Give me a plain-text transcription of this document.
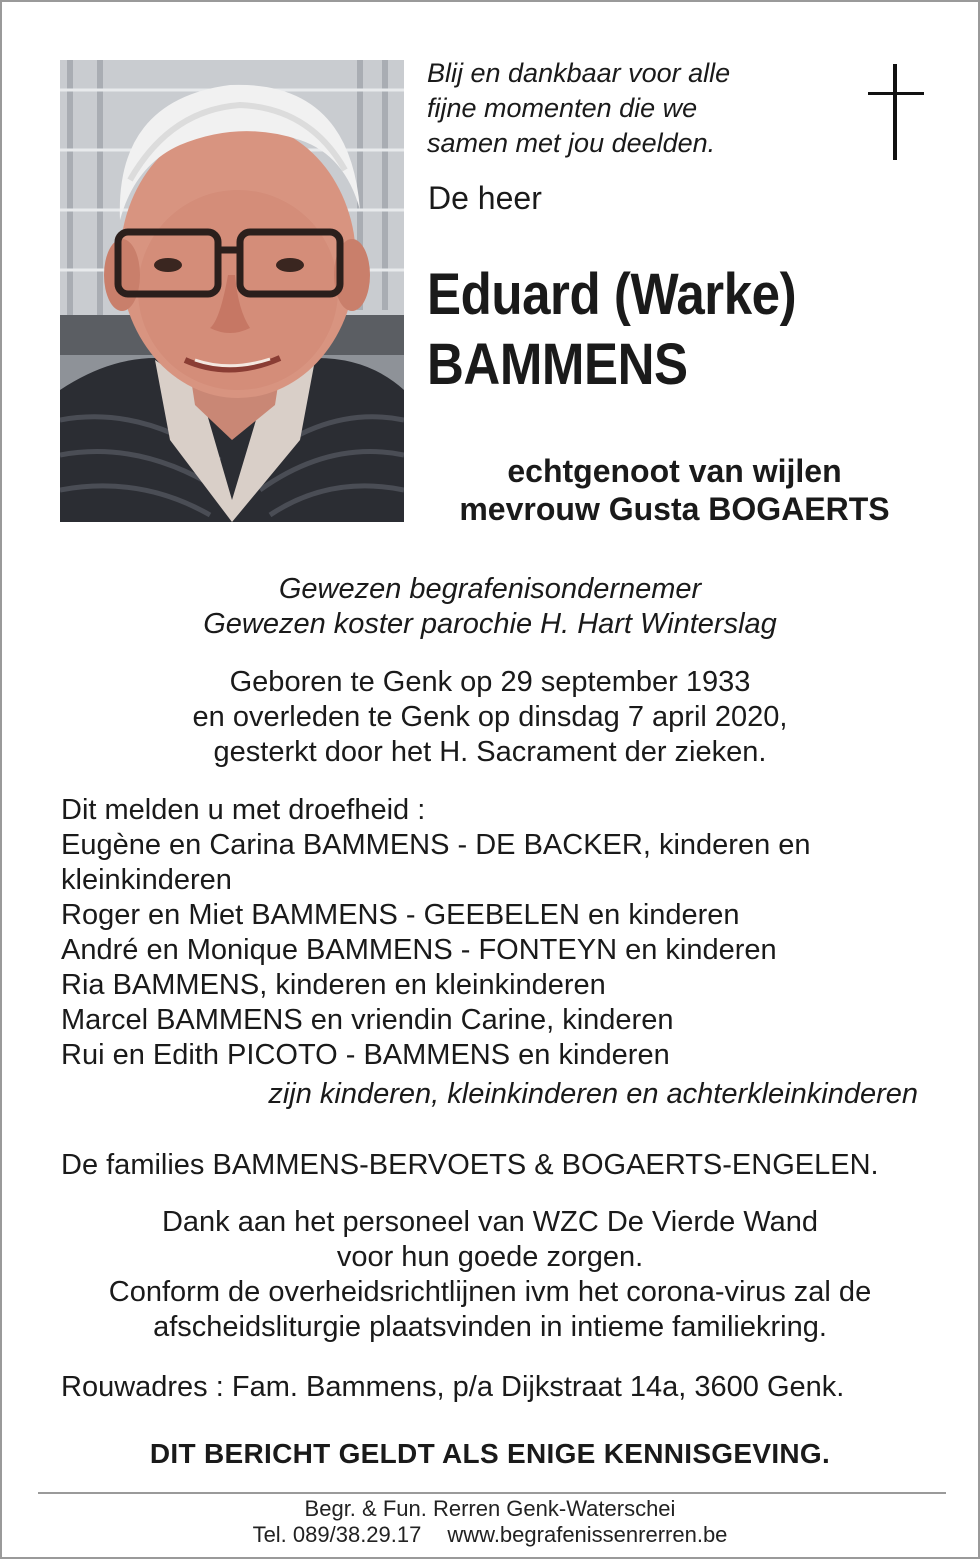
Blij en dankbaar voor alle
fijne momenten die we
samen met jou deelden.
De heer
Eduard (Warke)
BAMMENS
echtgenoot van wijlen
mevrouw Gusta BOGAERTS
Gewezen begrafenisondernemer
Gewezen koster parochie H. Hart Winterslag
Geboren te Genk op 29 september 1933
en overleden te Genk op dinsdag 7 april 2020,
gesterkt door het H. Sacrament der zieken.
Dit melden u met droefheid :
Eugène en Carina BAMMENS - DE BACKER, kinderen en kleinkinderen
Roger en Miet BAMMENS - GEEBELEN en kinderen
André en Monique BAMMENS - FONTEYN en kinderen
Ria BAMMENS, kinderen en kleinkinderen
Marcel BAMMENS en vriendin Carine, kinderen
Rui en Edith PICOTO - BAMMENS en kinderen
zijn kinderen, kleinkinderen en achterkleinkinderen
De families BAMMENS-BERVOETS & BOGAERTS-ENGELEN.
Dank aan het personeel van WZC De Vierde Wand
voor hun goede zorgen.
Conform de overheidsrichtlijnen ivm het corona-virus zal de
afscheidsliturgie plaatsvinden in intieme familiekring.
Rouwadres : Fam. Bammens, p/a Dijkstraat 14a, 3600 Genk.
DIT BERICHT GELDT ALS ENIGE KENNISGEVING.
Begr. & Fun. Rerren Genk-Waterschei
Tel. 089/38.29.17 www.begrafenissenrerren.be
